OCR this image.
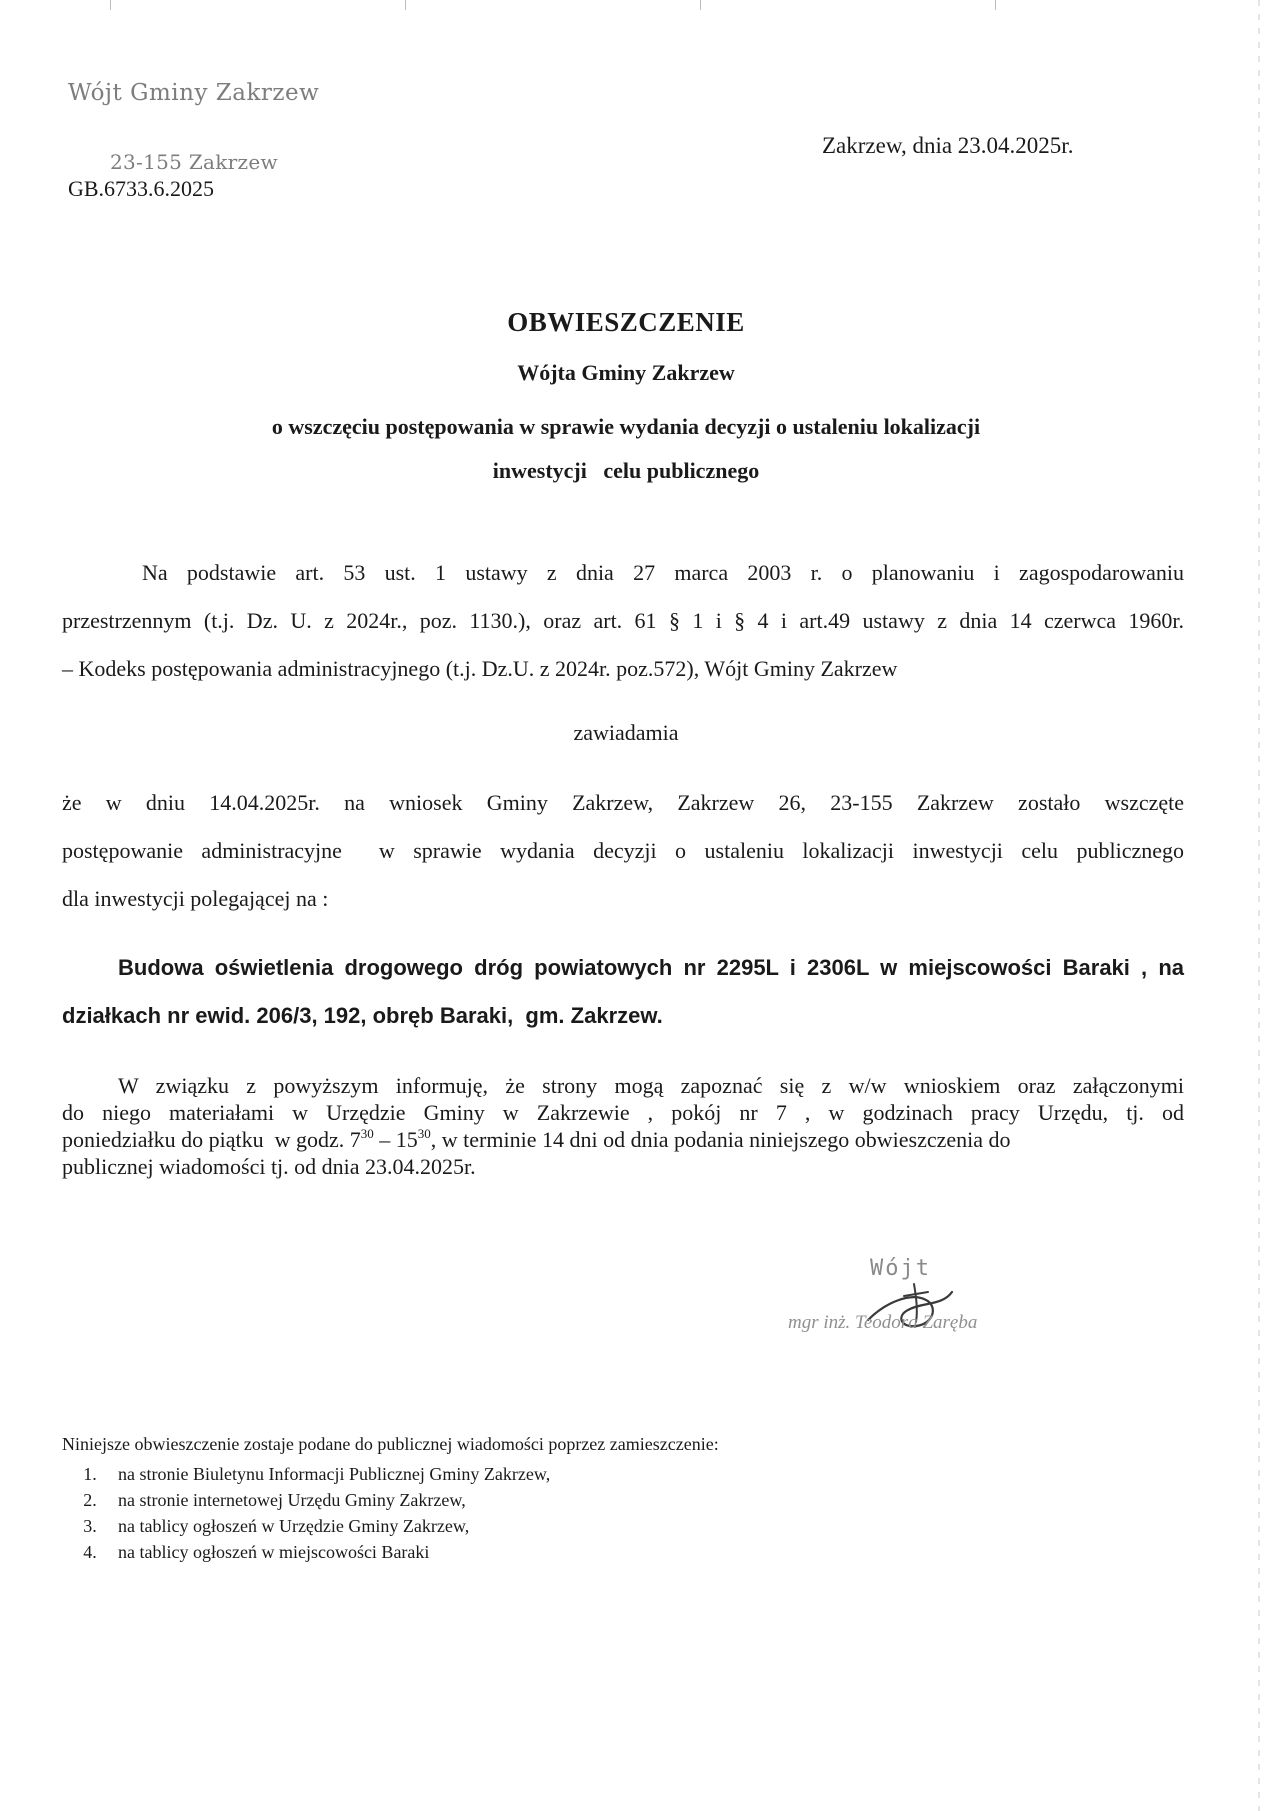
Wójt Gminy Zakrzew
23-155 Zakrzew
GB.6733.6.2025
Zakrzew, dnia 23.04.2025r.
OBWIESZCZENIE
Wójta Gminy Zakrzew
o wszczęciu postępowania w sprawie wydania decyzji o ustaleniu lokalizacji
inwestycji   celu publicznego
Na podstawie art. 53 ust. 1 ustawy z dnia 27 marca 2003 r. o planowaniu i zagospodarowaniu
przestrzennym (t.j. Dz. U. z 2024r., poz. 1130.), oraz art. 61 § 1 i § 4 i art.49 ustawy z dnia 14 czerwca 1960r.
– Kodeks postępowania administracyjnego (t.j. Dz.U. z 2024r. poz.572), Wójt Gminy Zakrzew
zawiadamia
że w dniu 14.04.2025r. na wniosek Gminy Zakrzew, Zakrzew 26, 23-155 Zakrzew zostało wszczęte
postępowanie administracyjne  w sprawie wydania decyzji o ustaleniu lokalizacji inwestycji celu publicznego
dla inwestycji polegającej na :
Budowa oświetlenia drogowego dróg powiatowych nr 2295L i 2306L w miejscowości Baraki , na
działkach nr ewid. 206/3, 192, obręb Baraki,  gm. Zakrzew.
W związku z powyższym informuję, że strony mogą zapoznać się z w/w wnioskiem oraz załączonymi
do niego materiałami w Urzędzie Gminy w Zakrzewie , pokój nr 7 , w godzinach pracy Urzędu, tj. od
poniedziałku do piątku  w godz. $7^{30} - 15^{30}$, w terminie 14 dni od dnia podania niniejszego obwieszczenia do
publicznej wiadomości tj. od dnia 23.04.2025r.
Wójt
mgr inż. Teodora Zaręba
Niniejsze obwieszczenie zostaje podane do publicznej wiadomości poprzez zamieszczenie:
1. na stronie Biuletynu Informacji Publicznej Gminy Zakrzew,
2. na stronie internetowej Urzędu Gminy Zakrzew,
3. na tablicy ogłoszeń w Urzędzie Gminy Zakrzew,
4. na tablicy ogłoszeń w miejscowości Baraki
